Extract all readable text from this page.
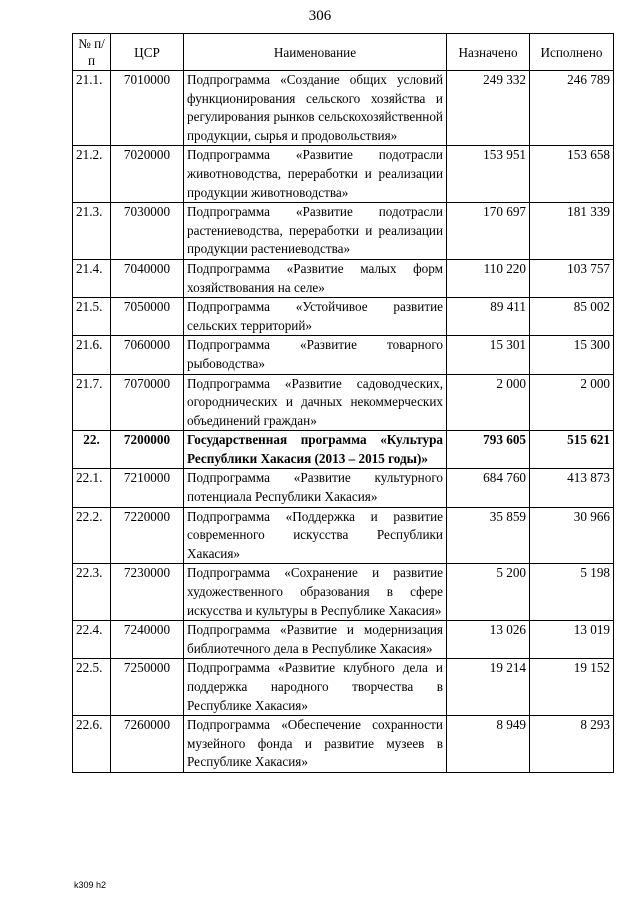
306
№ п/п	ЦСР	Наименование	Назначено	Исполнено
21.1.	7010000	Подпрограмма «Создание общих условий функционирования сельского хозяйства и регулирования рынков сельскохозяйственной продукции, сырья и продовольствия»	249 332	246 789
21.2.	7020000	Подпрограмма «Развитие подотрасли животноводства, переработки и реализации продукции животноводства»	153 951	153 658
21.3.	7030000	Подпрограмма «Развитие подотрасли растениеводства, переработки и реализации продукции растениеводства»	170 697	181 339
21.4.	7040000	Подпрограмма «Развитие малых форм хозяйствования на селе»	110 220	103 757
21.5.	7050000	Подпрограмма «Устойчивое развитие сельских территорий»	89 411	85 002
21.6.	7060000	Подпрограмма «Развитие товарного рыбоводства»	15 301	15 300
21.7.	7070000	Подпрограмма «Развитие садоводческих, огороднических и дачных некоммерческих объединений граждан»	2 000	2 000
22.	7200000	Государственная программа «Культура Республики Хакасия (2013 – 2015 годы)»	793 605	515 621
22.1.	7210000	Подпрограмма «Развитие культурного потенциала Республики Хакасия»	684 760	413 873
22.2.	7220000	Подпрограмма «Поддержка и развитие современного искусства Республики Хакасия»	35 859	30 966
22.3.	7230000	Подпрограмма «Сохранение и развитие художественного образования в сфере искусства и культуры в Республике Хакасия»	5 200	5 198
22.4.	7240000	Подпрограмма «Развитие и модернизация библиотечного дела в Республике Хакасия»	13 026	13 019
22.5.	7250000	Подпрограмма «Развитие клубного дела и поддержка народного творчества в Республике Хакасия»	19 214	19 152
22.6.	7260000	Подпрограмма «Обеспечение сохранности музейного фонда и развитие музеев в Республике Хакасия»	8 949	8 293
k309 h2
